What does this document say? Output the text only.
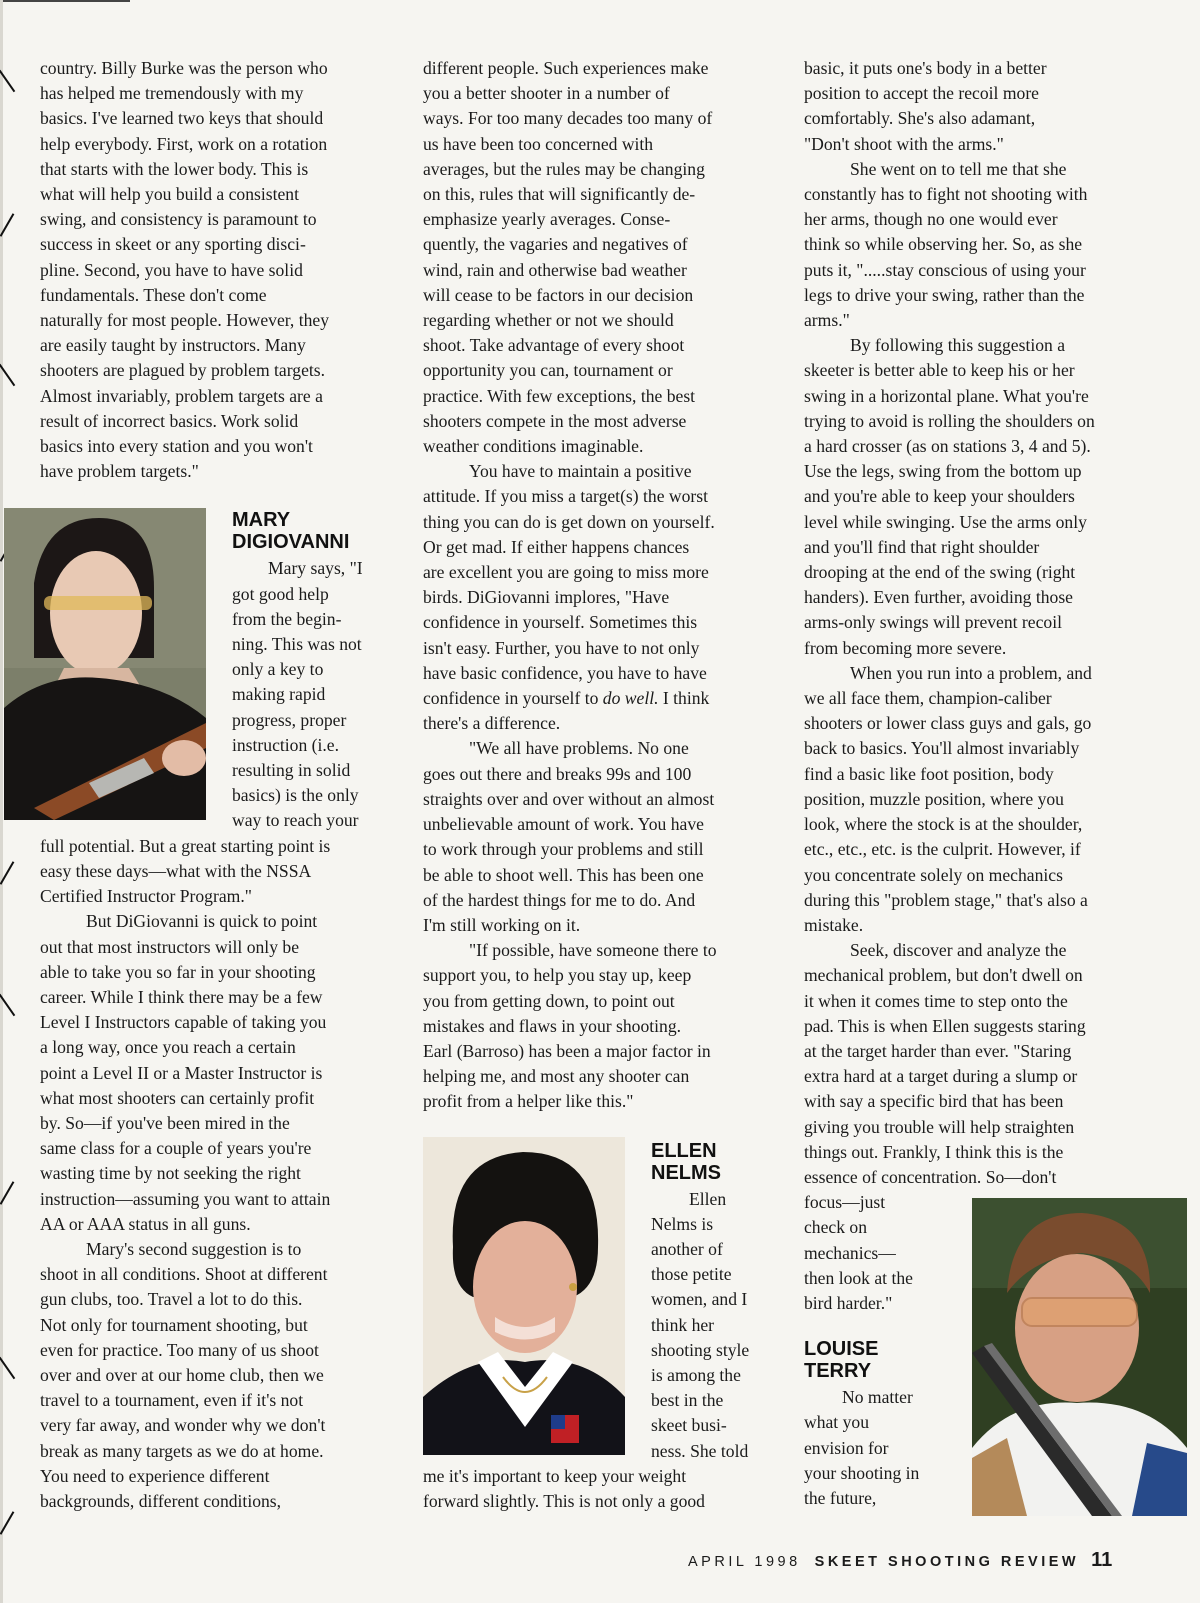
country. Billy Burke was the person who
has helped me tremendously with my
basics. I've learned two keys that should
help everybody. First, work on a rotation
that starts with the lower body. This is
what will help you build a consistent
swing, and consistency is paramount to
success in skeet or any sporting disci-
pline. Second, you have to have solid
fundamentals. These don't come
naturally for most people. However, they
are easily taught by instructors. Many
shooters are plagued by problem targets.
Almost invariably, problem targets are a
result of incorrect basics. Work solid
basics into every station and you won't
have problem targets."
MARY
DIGIOVANNI
Mary says, "I
got good help
from the begin-
ning. This was not
only a key to
making rapid
progress, proper
instruction (i.e.
resulting in solid
basics) is the only
way to reach your
full potential. But a great starting point is
easy these days—what with the NSSA
Certified Instructor Program."
But DiGiovanni is quick to point
out that most instructors will only be
able to take you so far in your shooting
career. While I think there may be a few
Level I Instructors capable of taking you
a long way, once you reach a certain
point a Level II or a Master Instructor is
what most shooters can certainly profit
by. So—if you've been mired in the
same class for a couple of years you're
wasting time by not seeking the right
instruction—assuming you want to attain
AA or AAA status in all guns.
Mary's second suggestion is to
shoot in all conditions. Shoot at different
gun clubs, too. Travel a lot to do this.
Not only for tournament shooting, but
even for practice. Too many of us shoot
over and over at our home club, then we
travel to a tournament, even if it's not
very far away, and wonder why we don't
break as many targets as we do at home.
You need to experience different
backgrounds, different conditions,
different people. Such experiences make
you a better shooter in a number of
ways. For too many decades too many of
us have been too concerned with
averages, but the rules may be changing
on this, rules that will significantly de-
emphasize yearly averages. Conse-
quently, the vagaries and negatives of
wind, rain and otherwise bad weather
will cease to be factors in our decision
regarding whether or not we should
shoot. Take advantage of every shoot
opportunity you can, tournament or
practice. With few exceptions, the best
shooters compete in the most adverse
weather conditions imaginable.
You have to maintain a positive
attitude. If you miss a target(s) the worst
thing you can do is get down on yourself.
Or get mad. If either happens chances
are excellent you are going to miss more
birds. DiGiovanni implores, "Have
confidence in yourself. Sometimes this
isn't easy. Further, you have to not only
have basic confidence, you have to have
confidence in yourself to do well. I think
there's a difference.
"We all have problems. No one
goes out there and breaks 99s and 100
straights over and over without an almost
unbelievable amount of work. You have
to work through your problems and still
be able to shoot well. This has been one
of the hardest things for me to do. And
I'm still working on it.
"If possible, have someone there to
support you, to help you stay up, keep
you from getting down, to point out
mistakes and flaws in your shooting.
Earl (Barroso) has been a major factor in
helping me, and most any shooter can
profit from a helper like this."
ELLEN
NELMS
Ellen
Nelms is
another of
those petite
women, and I
think her
shooting style
is among the
best in the
skeet busi-
ness. She told
me it's important to keep your weight
forward slightly. This is not only a good
basic, it puts one's body in a better
position to accept the recoil more
comfortably. She's also adamant,
"Don't shoot with the arms."
She went on to tell me that she
constantly has to fight not shooting with
her arms, though no one would ever
think so while observing her. So, as she
puts it, ".....stay conscious of using your
legs to drive your swing, rather than the
arms."
By following this suggestion a
skeeter is better able to keep his or her
swing in a horizontal plane. What you're
trying to avoid is rolling the shoulders on
a hard crosser (as on stations 3, 4 and 5).
Use the legs, swing from the bottom up
and you're able to keep your shoulders
level while swinging. Use the arms only
and you'll find that right shoulder
drooping at the end of the swing (right
handers). Even further, avoiding those
arms-only swings will prevent recoil
from becoming more severe.
When you run into a problem, and
we all face them, champion-caliber
shooters or lower class guys and gals, go
back to basics. You'll almost invariably
find a basic like foot position, body
position, muzzle position, where you
look, where the stock is at the shoulder,
etc., etc., etc. is the culprit. However, if
you concentrate solely on mechanics
during this "problem stage," that's also a
mistake.
Seek, discover and analyze the
mechanical problem, but don't dwell on
it when it comes time to step onto the
pad. This is when Ellen suggests staring
at the target harder than ever. "Staring
extra hard at a target during a slump or
with say a specific bird that has been
giving you trouble will help straighten
things out. Frankly, I think this is the
essence of concentration. So—don't
focus—just
check on
mechanics—
then look at the
bird harder."
LOUISE
TERRY
No matter
what you
envision for
your shooting in
the future,
APRIL 1998 SKEET SHOOTING REVIEW 11
